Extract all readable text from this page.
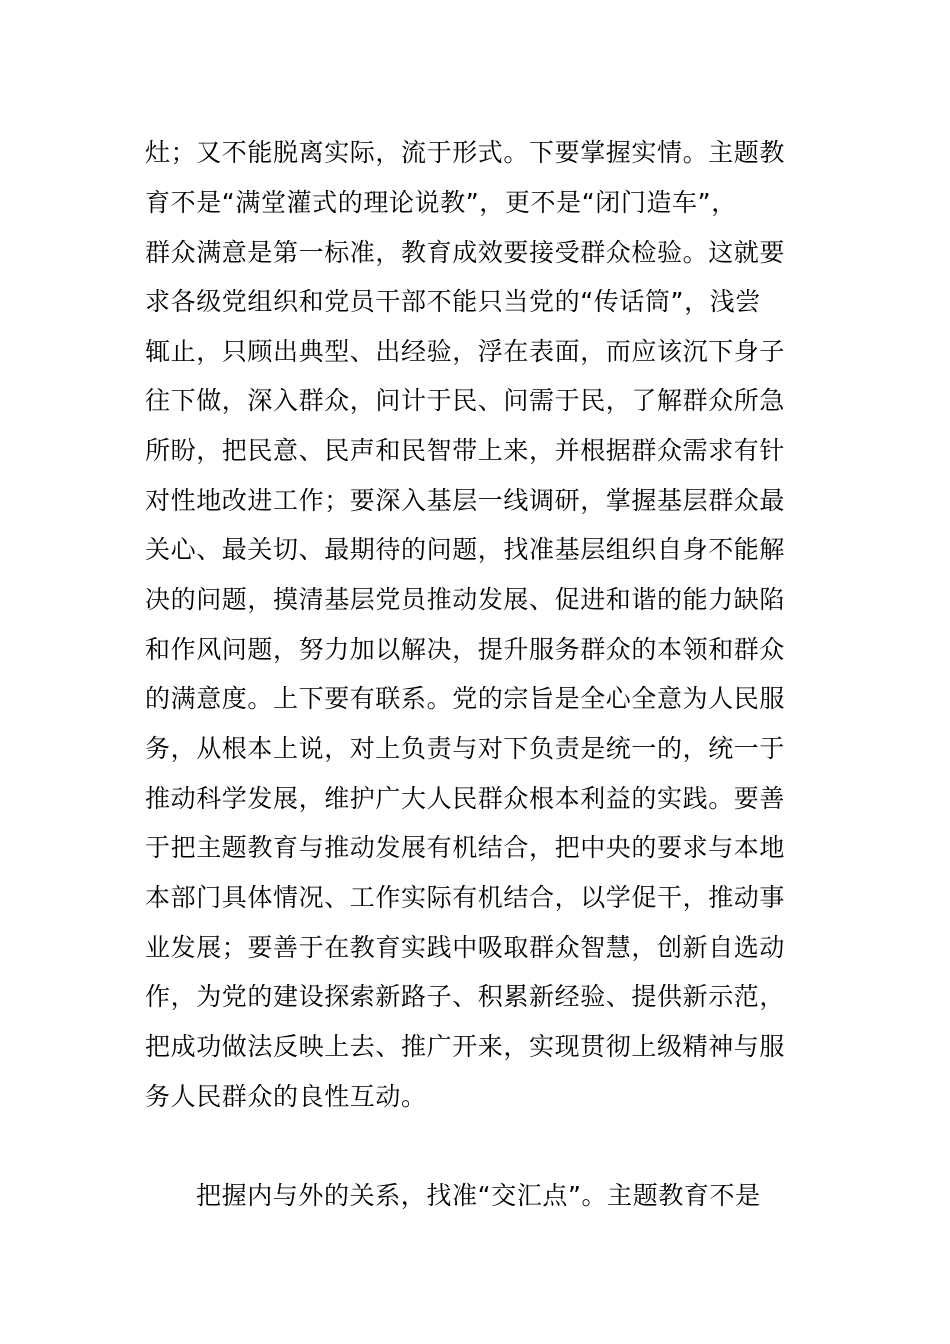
灶；又不能脱离实际，流于形式。下要掌握实情。主题教
育不是“满堂灌式的理论说教”，更不是“闭门造车”，
群众满意是第一标准，教育成效要接受群众检验。这就要
求各级党组织和党员干部不能只当党的“传话筒”，浅尝
辄止，只顾出典型、出经验，浮在表面，而应该沉下身子
往下做，深入群众，问计于民、问需于民，了解群众所急
所盼，把民意、民声和民智带上来，并根据群众需求有针
对性地改进工作；要深入基层一线调研，掌握基层群众最
关心、最关切、最期待的问题，找准基层组织自身不能解
决的问题，摸清基层党员推动发展、促进和谐的能力缺陷
和作风问题，努力加以解决，提升服务群众的本领和群众
的满意度。上下要有联系。党的宗旨是全心全意为人民服
务，从根本上说，对上负责与对下负责是统一的，统一于
推动科学发展，维护广大人民群众根本利益的实践。要善
于把主题教育与推动发展有机结合，把中央的要求与本地
本部门具体情况、工作实际有机结合，以学促干，推动事
业发展；要善于在教育实践中吸取群众智慧，创新自选动
作，为党的建设探索新路子、积累新经验、提供新示范，
把成功做法反映上去、推广开来，实现贯彻上级精神与服
务人民群众的良性互动。
把握内与外的关系，找准“交汇点”。主题教育不是
